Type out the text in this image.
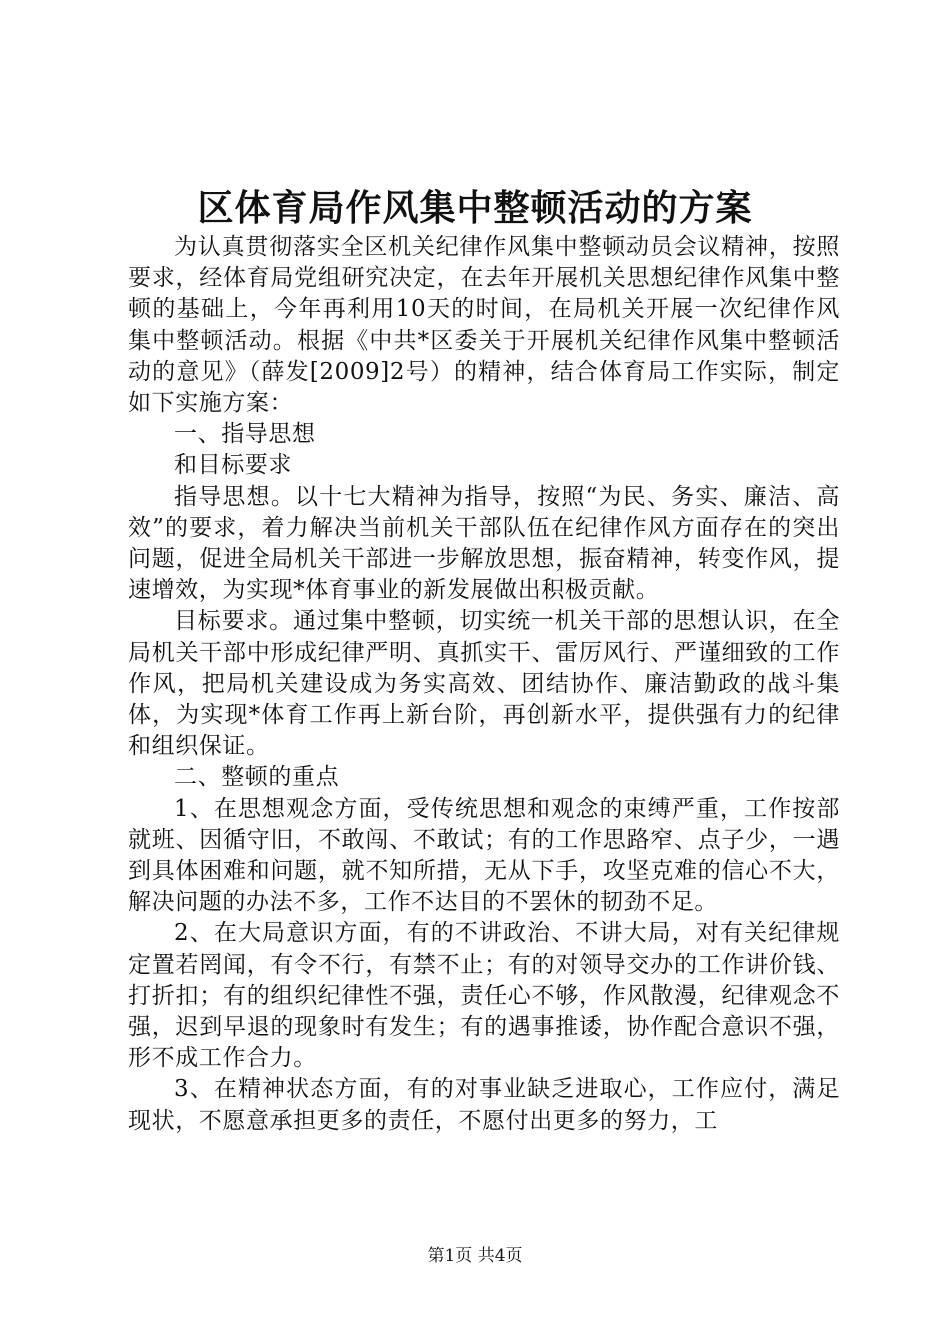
区体育局作风集中整顿活动的方案

为认真贯彻落实全区机关纪律作风集中整顿动员会议精神，按照要求，经体育局党组研究决定，在去年开展机关思想纪律作风集中整顿的基础上，今年再利用10天的时间，在局机关开展一次纪律作风集中整顿活动。根据《中共*区委关于开展机关纪律作风集中整顿活动的意见》（薛发[2009]2号）的精神，结合体育局工作实际，制定如下实施方案：

一、指导思想

和目标要求

指导思想。以十七大精神为指导，按照“为民、务实、廉洁、高效”的要求，着力解决当前机关干部队伍在纪律作风方面存在的突出问题，促进全局机关干部进一步解放思想，振奋精神，转变作风，提速增效，为实现*体育事业的新发展做出积极贡献。

目标要求。通过集中整顿，切实统一机关干部的思想认识，在全局机关干部中形成纪律严明、真抓实干、雷厉风行、严谨细致的工作作风，把局机关建设成为务实高效、团结协作、廉洁勤政的战斗集体，为实现*体育工作再上新台阶，再创新水平，提供强有力的纪律和组织保证。

二、整顿的重点

1、在思想观念方面，受传统思想和观念的束缚严重，工作按部就班、因循守旧，不敢闯、不敢试；有的工作思路窄、点子少，一遇到具体困难和问题，就不知所措，无从下手，攻坚克难的信心不大，解决问题的办法不多，工作不达目的不罢休的韧劲不足。

2、在大局意识方面，有的不讲政治、不讲大局，对有关纪律规定置若罔闻，有令不行，有禁不止；有的对领导交办的工作讲价钱、打折扣；有的组织纪律性不强，责任心不够，作风散漫，纪律观念不强，迟到早退的现象时有发生；有的遇事推诿，协作配合意识不强，形不成工作合力。

3、在精神状态方面，有的对事业缺乏进取心，工作应付，满足现状，不愿意承担更多的责任，不愿付出更多的努力，工

第1页 共4页
